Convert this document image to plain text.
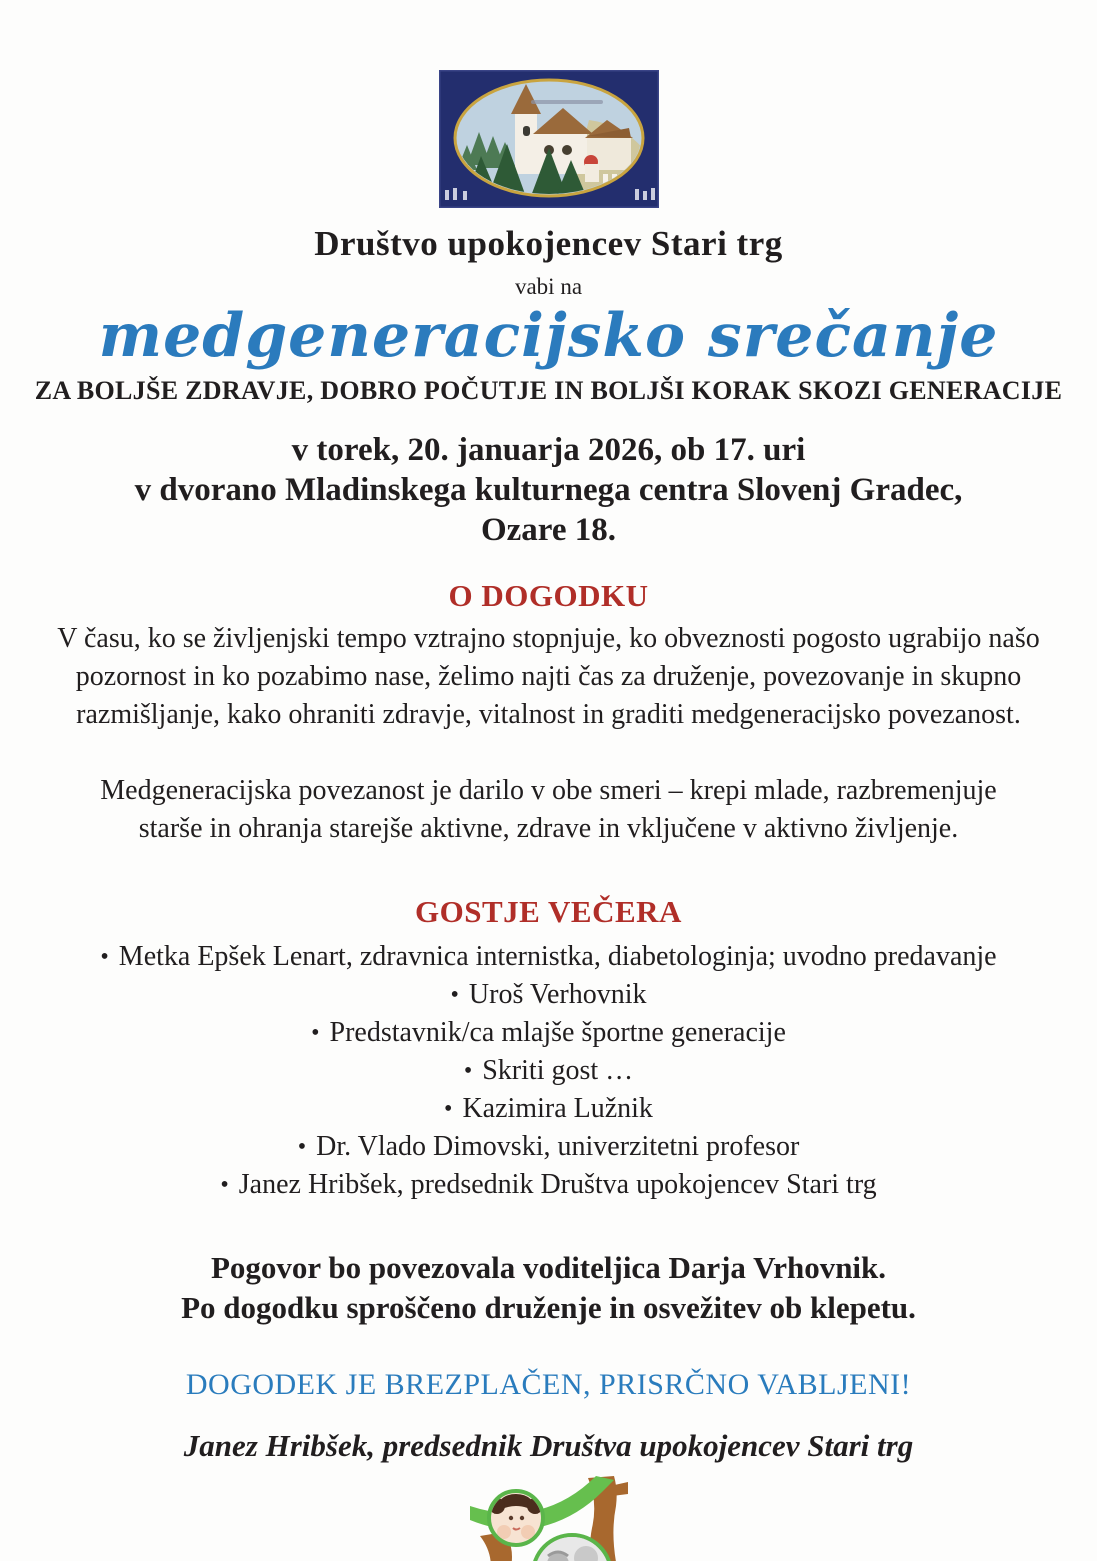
Društvo upokojencev Stari trg
vabi na
medgeneracijsko srečanje
ZA BOLJŠE ZDRAVJE, DOBRO POČUTJE IN BOLJŠI KORAK SKOZI GENERACIJE
v torek, 20. januarja 2026, ob 17. uri
v dvorano Mladinskega kulturnega centra Slovenj Gradec,
Ozare 18.
O DOGODKU

V času, ko se življenjski tempo vztrajno stopnjuje, ko obveznosti pogosto ugrabijo našo pozornost in ko pozabimo nase, želimo najti čas za druženje, povezovanje in skupno razmišljanje, kako ohraniti zdravje, vitalnost in graditi medgeneracijsko povezanost.

Medgeneracijska povezanost je darilo v obe smeri – krepi mlade, razbremenjuje starše in ohranja starejše aktivne, zdrave in vključene v aktivno življenje.

GOSTJE VEČERA
• Metka Epšek Lenart, zdravnica internistka, diabetologinja; uvodno predavanje
• Uroš Verhovnik
• Predstavnik/ca mlajše športne generacije
• Skriti gost …
• Kazimira Lužnik
• Dr. Vlado Dimovski, univerzitetni profesor
• Janez Hribšek, predsednik Društva upokojencev Stari trg
Pogovor bo povezovala voditeljica Darja Vrhovnik.
Po dogodku sproščeno druženje in osvežitev ob klepetu.
DOGODEK JE BREZPLAČEN, PRISRČNO VABLJENI!
Janez Hribšek, predsednik Društva upokojencev Stari trg
